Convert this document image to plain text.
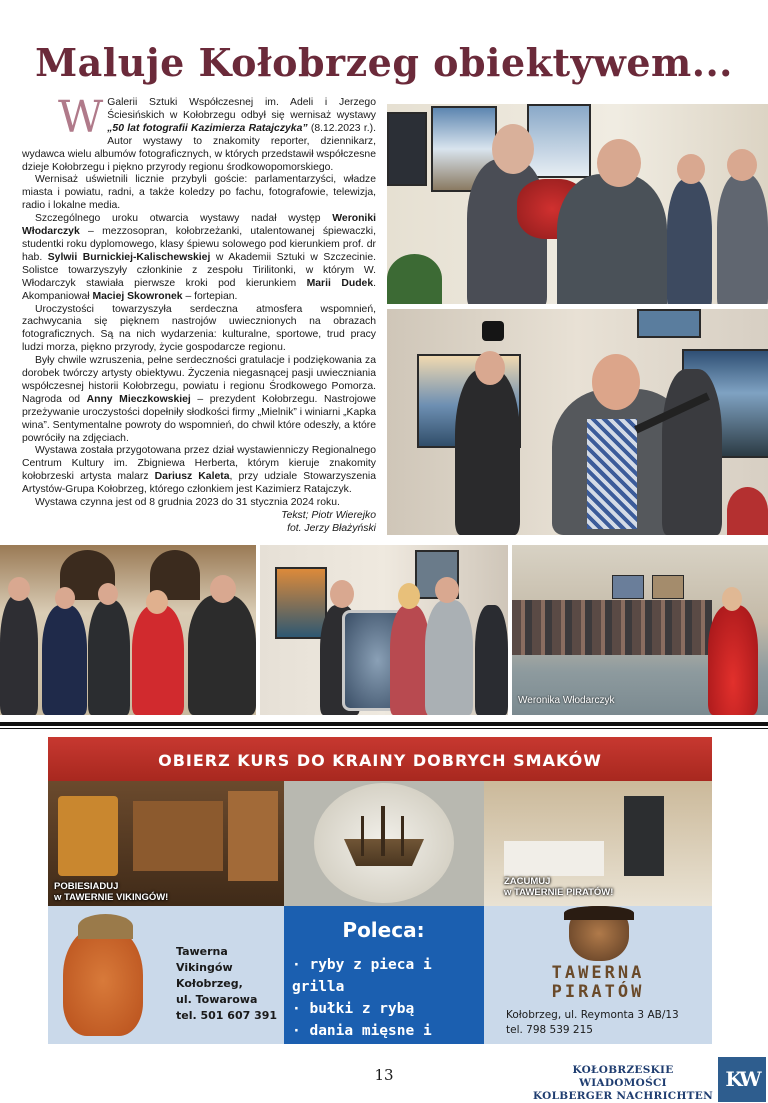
Maluje Kołobrzeg obiektywem...

W Galerii Sztuki Współczesnej im. Adeli i Jerzego Ściesińskich w Kołobrzegu odbył się wernisaż wystawy „50 lat fotografii Kazimierza Ratajczyka” (8.12.2023 r.). Autor wystawy to znakomity reporter, dziennikarz, wydawca wielu albumów fotograficznych, w których przedstawił współczesne dzieje Kołobrzegu i piękno przyrody regionu środkowopomorskiego.

Wernisaż uświetnili licznie przybyli goście: parlamentarzyści, władze miasta i powiatu, radni, a także koledzy po fachu, fotografowie, telewizja, radio i lokalne media.

Szczególnego uroku otwarcia wystawy nadał występ Weroniki Włodarczyk – mezzosopran, kołobrzeżanki, utalentowanej śpiewaczki, studentki roku dyplomowego, klasy śpiewu solowego pod kierunkiem prof. dr hab. Sylwii Burnickiej-Kalischewskiej w Akademii Sztuki w Szczecinie. Solistce towarzyszyły członkinie z zespołu Tirilitonki, w którym W. Włodarczyk stawiała pierwsze kroki pod kierunkiem Marii Dudek. Akompaniował Maciej Skowronek – fortepian.

Uroczystości towarzyszyła serdeczna atmosfera wspomnień, zachwycania się pięknem nastrojów uwiecznionych na obrazach fotograficznych. Są na nich wydarzenia: kulturalne, sportowe, trud pracy ludzi morza, piękno przyrody, życie gospodarcze regionu.

Były chwile wzruszenia, pełne serdeczności gratulacje i podziękowania za dorobek twórczy artysty obiektywu. Życzenia niegasnącej pasji uwieczniania współczesnej historii Kołobrzegu, powiatu i regionu Środkowego Pomorza. Nagroda od Anny Mieczkowskiej – prezydent Kołobrzegu. Nastrojowe przeżywanie uroczystości dopełniły słodkości firmy „Mielnik” i winiarni „Kapka wina”. Sentymentalne powroty do wspomnień, do chwil które odeszły, a które powróciły na zdjęciach.

Wystawa została przygotowana przez dział wystawienniczy Regionalnego Centrum Kultury im. Zbigniewa Herberta, którym kieruje znakomity kołobrzeski artysta malarz Dariusz Kaleta, przy udziale Stowarzyszenia Artystów-Grupa Kołobrzeg, którego członkiem jest Kazimierz Ratajczyk.

Wystawa czynna jest od 8 grudnia 2023 do 31 stycznia 2024 roku.

Tekst; Piotr Wierejko

fot. Jerzy Błażyński

Weronika Włodarczyk
OBIERZ KURS DO KRAINY DOBRYCH SMAKÓW
POBIESIADUJ
w TAWERNIE VIKINGÓW!
ZACUMUJ
w TAWERNIE PIRATÓW!
Tawerna Vikingów
Kołobrzeg,
ul. Towarowa
tel. 501 607 391
Poleca:
· ryby z pieca i grilla
· bułki z rybą
· dania mięsne i
TAWERNA
PIRATÓW
Kołobrzeg, ul. Reymonta 3 AB/13
tel. 798 539 215
13	KOŁOBRZESKIE WIADOMOŚCI
KOLBERGER NACHRICHTEN
KW
